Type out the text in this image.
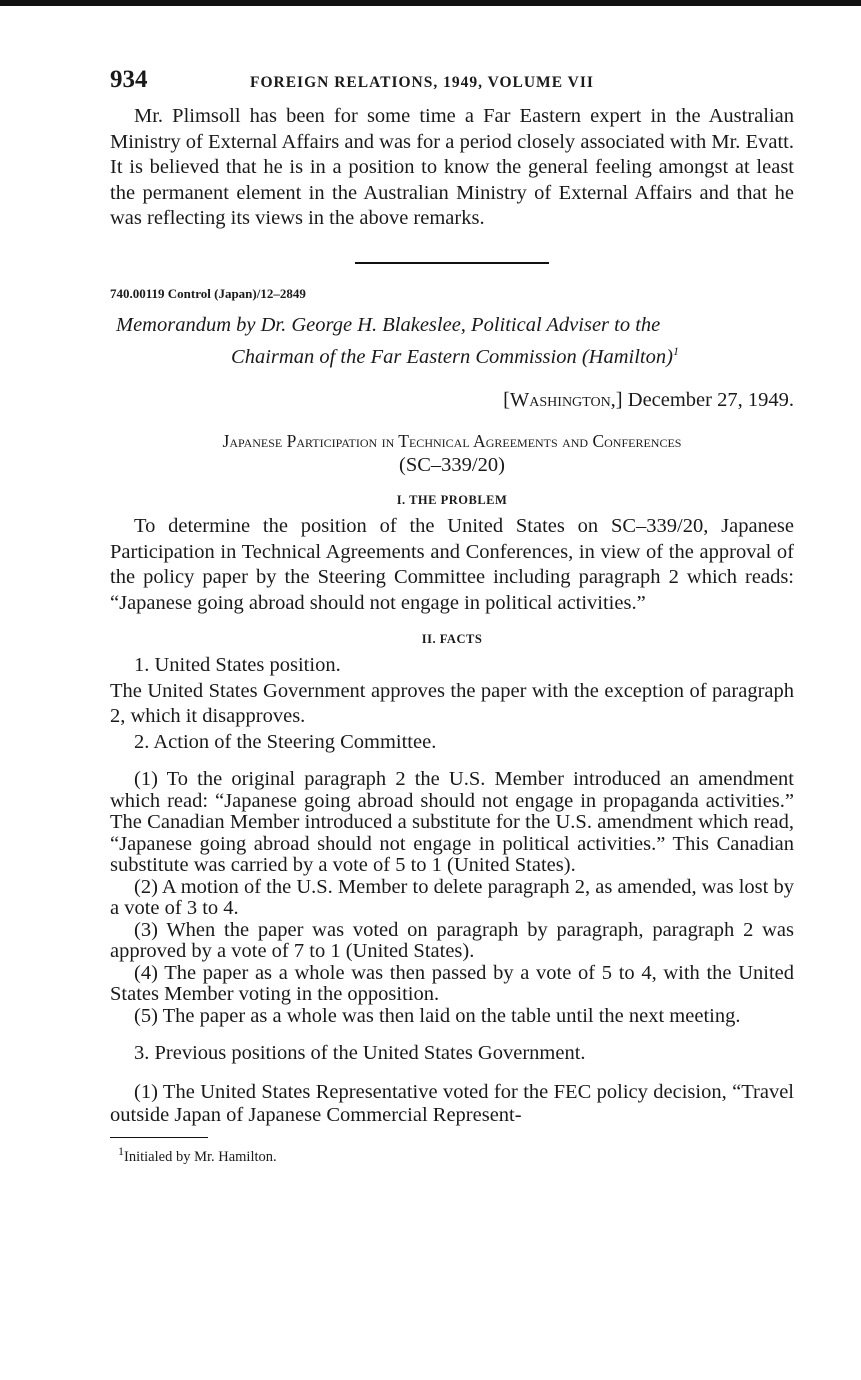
934	FOREIGN RELATIONS, 1949, VOLUME VII

Mr. Plimsoll has been for some time a Far Eastern expert in the Australian Ministry of External Affairs and was for a period closely associated with Mr. Evatt. It is believed that he is in a position to know the general feeling amongst at least the permanent element in the Australian Ministry of External Affairs and that he was reflecting its views in the above remarks.

740.00119 Control (Japan)/12–2849
Memorandum by Dr. George H. Blakeslee, Political Adviser to the
Chairman of the Far Eastern Commission (Hamilton)$^1$
[Washington,] December 27, 1949.
Japanese Participation in Technical Agreements and Conferences
(SC–339/20)
I. THE PROBLEM

To determine the position of the United States on SC–339/20, Japanese Participation in Technical Agreements and Conferences, in view of the approval of the policy paper by the Steering Committee including paragraph 2 which reads: “Japanese going abroad should not engage in political activities.”

II. FACTS

1. United States position.

The United States Government approves the paper with the exception of paragraph 2, which it disapproves.

2. Action of the Steering Committee.

(1) To the original paragraph 2 the U.S. Member introduced an amendment which read: “Japanese going abroad should not engage in propaganda activities.” The Canadian Member introduced a substitute for the U.S. amendment which read, “Japanese going abroad should not engage in political activities.” This Canadian substitute was carried by a vote of 5 to 1 (United States).

(2) A motion of the U.S. Member to delete paragraph 2, as amended, was lost by a vote of 3 to 4.

(3) When the paper was voted on paragraph by paragraph, paragraph 2 was approved by a vote of 7 to 1 (United States).

(4) The paper as a whole was then passed by a vote of 5 to 4, with the United States Member voting in the opposition.

(5) The paper as a whole was then laid on the table until the next meeting.

3. Previous positions of the United States Government.

(1) The United States Representative voted for the FEC policy decision, “Travel outside Japan of Japanese Commercial Represent-

$^1$Initialed by Mr. Hamilton.
